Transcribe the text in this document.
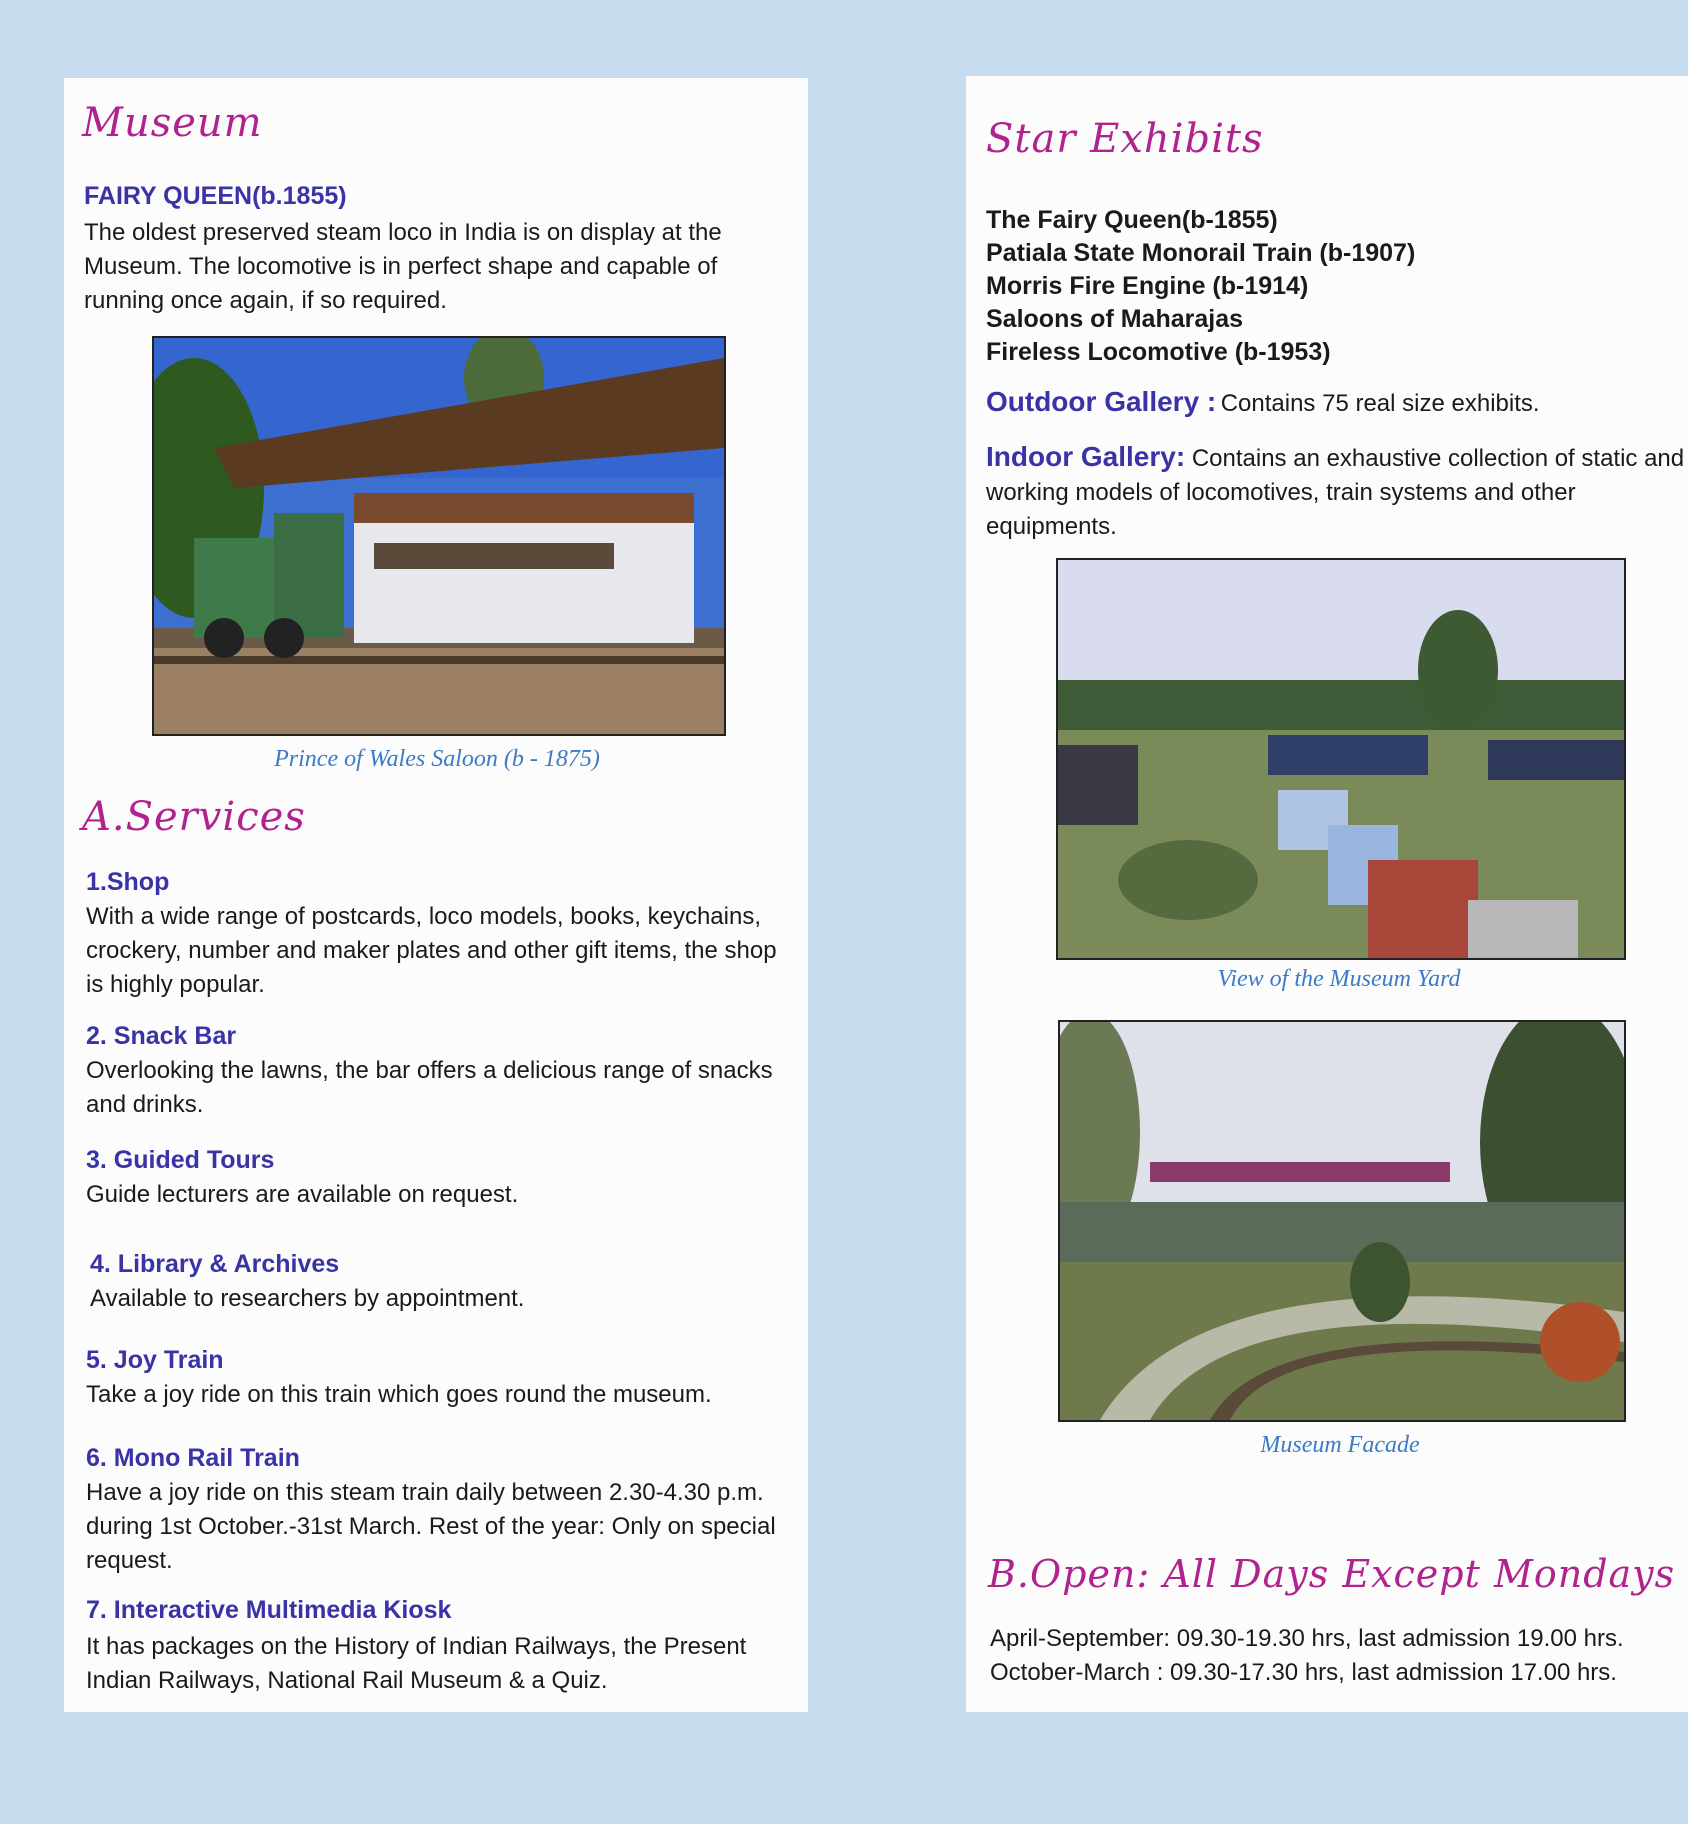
Museum
FAIRY QUEEN(b.1855)
The oldest preserved steam loco in India is on display at the Museum. The locomotive is in perfect shape and capable of running once again, if so required.
Prince of Wales Saloon (b - 1875)
A.Services
1.Shop
With a wide range of postcards, loco models, books, keychains, crockery, number and maker plates and other gift items, the shop is highly popular.
2. Snack Bar
Overlooking the lawns, the bar offers a delicious range of snacks and drinks.
3. Guided Tours
Guide lecturers are available on request.
4. Library & Archives
Available to researchers by appointment.
5. Joy Train
Take a joy ride on this train which goes round the museum.
6. Mono Rail Train
Have a joy ride on this steam train daily between 2.30-4.30 p.m. during 1st October.-31st March. Rest of the year: Only on special request.
7. Interactive Multimedia Kiosk
It has packages on the History of Indian Railways, the Present Indian Railways, National Rail Museum & a Quiz.
Star Exhibits
The Fairy Queen(b-1855)
Patiala State Monorail Train (b-1907)
Morris Fire Engine (b-1914)
Saloons of Maharajas
Fireless Locomotive (b-1953)
Outdoor Gallery : Contains 75 real size exhibits.
Indoor Gallery: Contains an exhaustive collection of static and working models of locomotives, train systems and other equipments.
View of the Museum Yard
Museum Facade
B.Open: All Days Except Mondays
April-September: 09.30-19.30 hrs, last admission 19.00 hrs.
October-March : 09.30-17.30 hrs, last admission 17.00 hrs.
